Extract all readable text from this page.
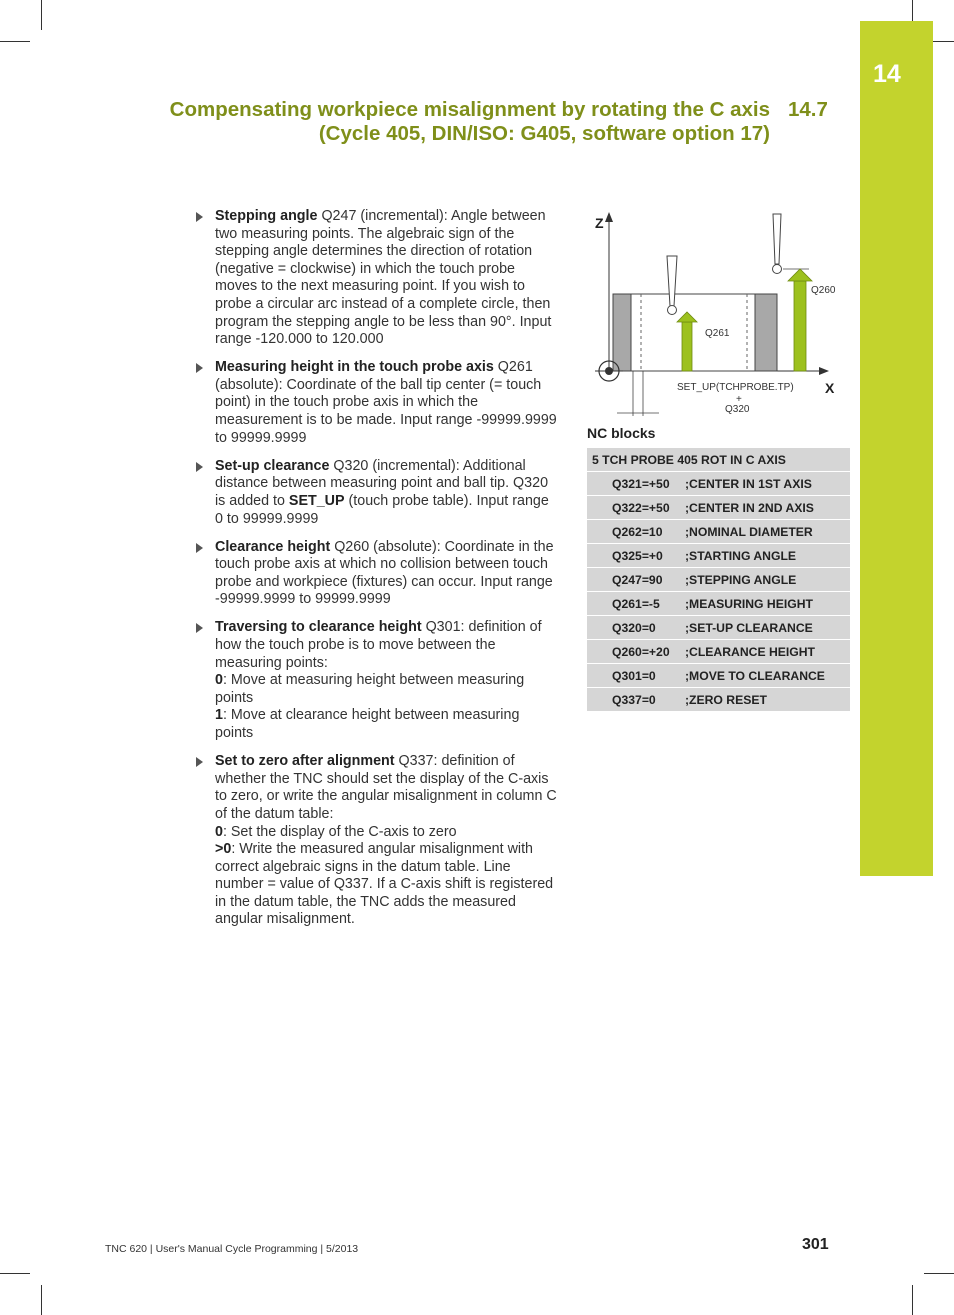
14
Compensating workpiece misalignment by rotating the C axis
(Cycle 405, DIN/ISO: G405, software option 17)
14.7
Stepping angle Q247 (incremental): Angle between two measuring points. The algebraic sign of the stepping angle determines the direction of rotation (negative = clockwise) in which the touch probe moves to the next measuring point. If you wish to probe a circular arc instead of a complete circle, then program the stepping angle to be less than 90°. Input range -120.000 to 120.000
Measuring height in the touch probe axis Q261 (absolute): Coordinate of the ball tip center (= touch point) in the touch probe axis in which the measurement is to be made. Input range -99999.9999 to 99999.9999
Set-up clearance Q320 (incremental): Additional distance between measuring point and ball tip. Q320 is added to SET_UP (touch probe table). Input range 0 to 99999.9999
Clearance height Q260 (absolute): Coordinate in the touch probe axis at which no collision between touch probe and workpiece (fixtures) can occur. Input range -99999.9999 to 99999.9999
Traversing to clearance height Q301: definition of how the touch probe is to move between the measuring points:
0: Move at measuring height between measuring points
1: Move at clearance height between measuring points
Set to zero after alignment Q337: definition of whether the TNC should set the display of the C-axis to zero, or write the angular misalignment in column C of the datum table:
0: Set the display of the C-axis to zero
>0: Write the measured angular misalignment with correct algebraic signs in the datum table. Line number = value of Q337. If a C-axis shift is registered in the datum table, the TNC adds the measured angular misalignment.
Z
X
Q261
Q260
SET_UP(TCHPROBE.TP)
+
Q320
NC blocks
5 TCH PROBE 405 ROT IN C AXIS	
Q321=+50	;CENTER IN 1ST AXIS
Q322=+50	;CENTER IN 2ND AXIS
Q262=10	;NOMINAL DIAMETER
Q325=+0	;STARTING ANGLE
Q247=90	;STEPPING ANGLE
Q261=-5	;MEASURING HEIGHT
Q320=0	;SET-UP CLEARANCE
Q260=+20	;CLEARANCE HEIGHT
Q301=0	;MOVE TO CLEARANCE
Q337=0	;ZERO RESET
TNC 620 | User's Manual Cycle Programming | 5/2013	301
